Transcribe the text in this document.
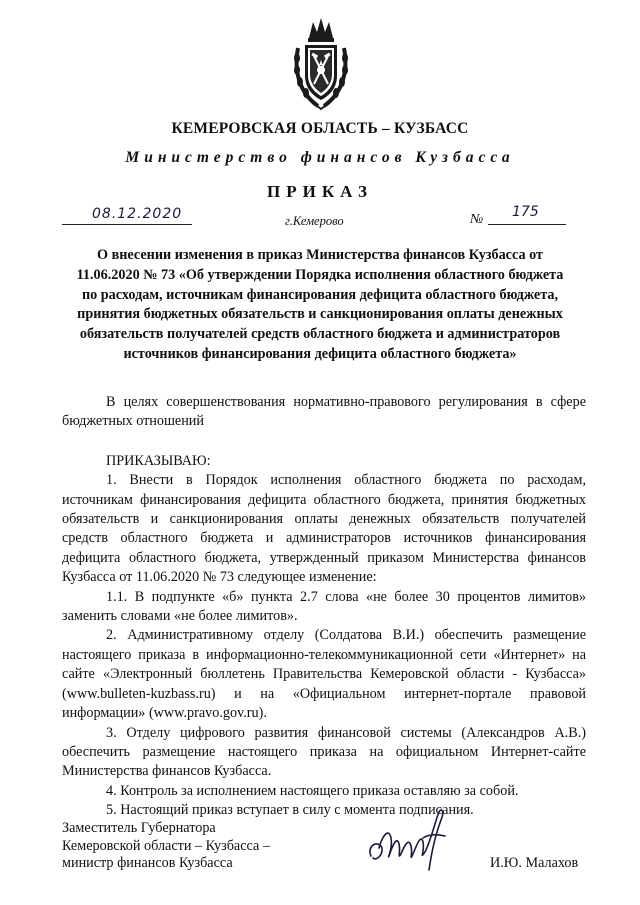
КЕМЕРОВСКАЯ ОБЛАСТЬ – КУЗБАСС
Министерство финансов Кузбасса
ПРИКАЗ
08.12.2020	г.Кемерово	№ 175
О внесении изменения в приказ Министерства финансов Кузбасса от 11.06.2020 № 73 «Об утверждении Порядка исполнения областного бюджета по расходам, источникам финансирования дефицита областного бюджета, принятия бюджетных обязательств и санкционирования оплаты денежных обязательств получателей средств областного бюджета и администраторов источников финансирования дефицита областного бюджета»

В целях совершенствования нормативно-правового регулирования в сфере бюджетных отношений

ПРИКАЗЫВАЮ:

1. Внести в Порядок исполнения областного бюджета по расходам, источникам финансирования дефицита областного бюджета, принятия бюджетных обязательств и санкционирования оплаты денежных обязательств получателей средств областного бюджета и администраторов источников финансирования дефицита областного бюджета, утвержденный приказом Министерства финансов Кузбасса от 11.06.2020 № 73 следующее изменение:

1.1. В подпункте «б» пункта 2.7 слова «не более 30 процентов лимитов» заменить словами «не более лимитов».

2. Административному отделу (Солдатова В.И.) обеспечить размещение настоящего приказа в информационно-телекоммуникационной сети «Интернет» на сайте «Электронный бюллетень Правительства Кемеровской области - Кузбасса» (www.bulleten-kuzbass.ru) и на «Официальном интернет-портале правовой информации» (www.pravo.gov.ru).

3. Отделу цифрового развития финансовой системы (Александров А.В.) обеспечить размещение настоящего приказа на официальном Интернет-сайте Министерства финансов Кузбасса.

4. Контроль за исполнением настоящего приказа оставляю за собой.

5. Настоящий приказ вступает в силу с момента подписания.

Заместитель Губернатора
Кемеровской области – Кузбасса –
министр финансов Кузбасса	И.Ю. Малахов
